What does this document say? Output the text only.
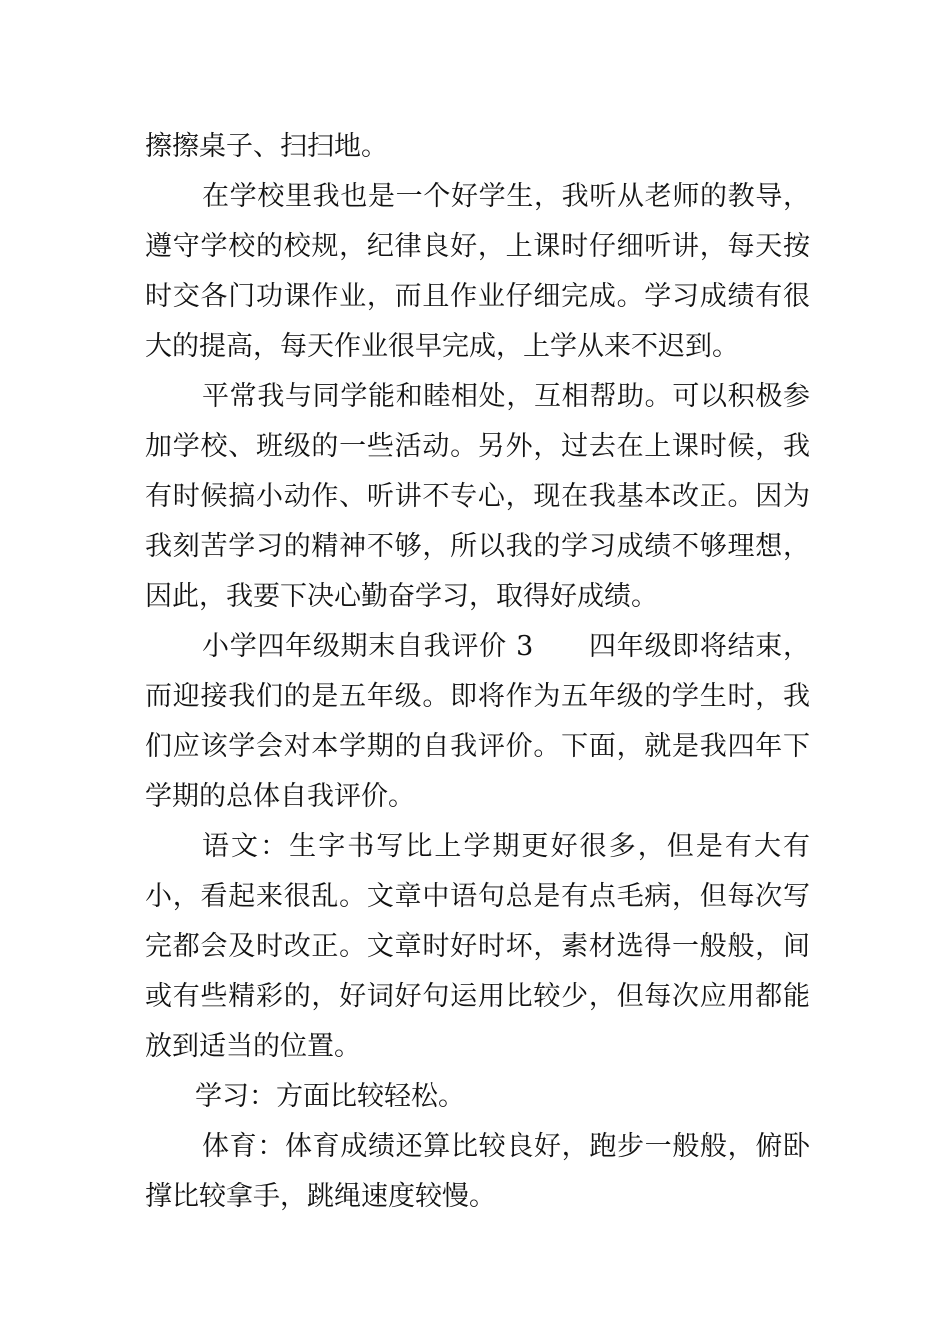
擦擦桌子、扫扫地。

在学校里我也是一个好学生，我听从老师的教导，遵守学校的校规，纪律良好，上课时仔细听讲，每天按时交各门功课作业，而且作业仔细完成。学习成绩有很大的提高，每天作业很早完成，上学从来不迟到。

平常我与同学能和睦相处，互相帮助。可以积极参加学校、班级的一些活动。另外，过去在上课时候，我有时候搞小动作、听讲不专心，现在我基本改正。因为我刻苦学习的精神不够，所以我的学习成绩不够理想，因此，我要下决心勤奋学习，取得好成绩。

小学四年级期末自我评价 3 四年级即将结束，而迎接我们的是五年级。即将作为五年级的学生时，我们应该学会对本学期的自我评价。下面，就是我四年下学期的总体自我评价。

语文：生字书写比上学期更好很多，但是有大有小，看起来很乱。文章中语句总是有点毛病，但每次写完都会及时改正。文章时好时坏，素材选得一般般，间或有些精彩的，好词好句运用比较少，但每次应用都能放到适当的位置。

学习：方面比较轻松。

体育：体育成绩还算比较良好，跑步一般般，俯卧撑比较拿手，跳绳速度较慢。
